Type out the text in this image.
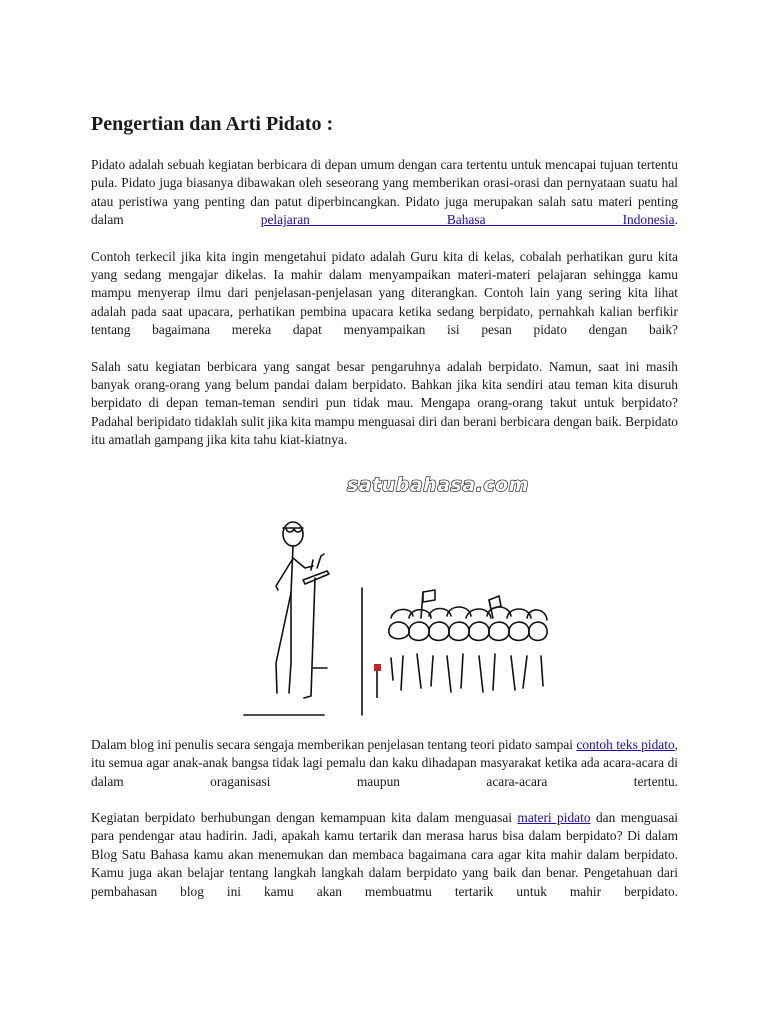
Pengertian dan Arti Pidato :

Pidato adalah sebuah kegiatan berbicara di depan umum dengan cara tertentu untuk mencapai tujuan tertentu pula. Pidato juga biasanya dibawakan oleh seseorang yang memberikan orasi-orasi dan pernyataan suatu hal atau peristiwa yang penting dan patut diperbincangkan. Pidato juga merupakan salah satu materi penting dalam pelajaran Bahasa Indonesia.

Contoh terkecil jika kita ingin mengetahui pidato adalah Guru kita di kelas, cobalah perhatikan guru kita yang sedang mengajar dikelas. Ia mahir dalam menyampaikan materi-materi pelajaran sehingga kamu mampu menyerap ilmu dari penjelasan-penjelasan yang diterangkan. Contoh lain yang sering kita lihat adalah pada saat upacara, perhatikan pembina upacara ketika sedang berpidato, pernahkah kalian berfikir tentang bagaimana mereka dapat menyampaikan isi pesan pidato dengan baik?

Salah satu kegiatan berbicara yang sangat besar pengaruhnya adalah berpidato. Namun, saat ini masih banyak orang-orang yang belum pandai dalam berpidato. Bahkan jika kita sendiri atau teman kita disuruh berpidato di depan teman-teman sendiri pun tidak mau. Mengapa orang-orang takut untuk berpidato? Padahal beripidato tidaklah sulit jika kita mampu menguasai diri dan berani berbicara dengan baik. Berpidato itu amatlah gampang jika kita tahu kiat-kiatnya.

satubahasa.com

Dalam blog ini penulis secara sengaja memberikan penjelasan tentang teori pidato sampai contoh teks pidato, itu semua agar anak-anak bangsa tidak lagi pemalu dan kaku dihadapan masyarakat ketika ada acara-acara di dalam oraganisasi maupun acara-acara tertentu.

Kegiatan berpidato berhubungan dengan kemampuan kita dalam menguasai materi pidato dan menguasai para pendengar atau hadirin. Jadi, apakah kamu tertarik dan merasa harus bisa dalam berpidato? Di dalam Blog Satu Bahasa kamu akan menemukan dan membaca bagaimana cara agar kita mahir dalam berpidato. Kamu juga akan belajar tentang langkah langkah dalam berpidato yang baik dan benar. Pengetahuan dari pembahasan blog ini kamu akan membuatmu tertarik untuk mahir berpidato.
